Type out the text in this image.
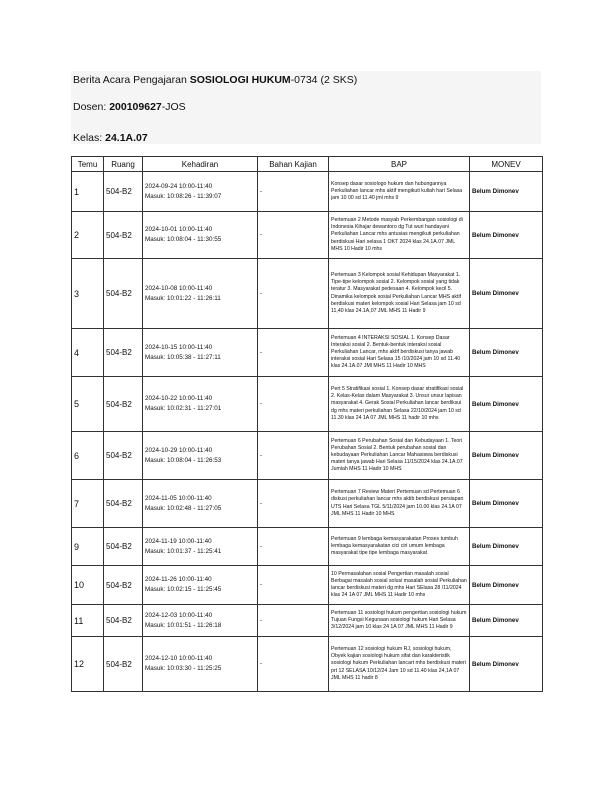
Berita Acara Pengajaran SOSIOLOGI HUKUM-0734 (2 SKS)
Dosen: 200109627-JOS
Kelas: 24.1A.07
Temu	Ruang	Kehadiran	Bahan Kajian	BAP	MONEV
1	504-B2	2024-09-24 10:00-11:40
Masuk: 10:08:26 - 11:39:07	-	Konsep dasar sosiologo hukum dan hubungannya Perkuliahan lancar mhs aktif mengikuti kuliah hari Selasa jam 10 00 sd 11.40 jml mhs 9	Belum Dimonev
2	504-B2	2024-10-01 10:00-11:40
Masuk: 10:08:04 - 11:30:55	-	Pertemuan 2 Metode masyab Perkembangan sosiologi di Indonesia Kihajar dewantoro dg Tut wuri handayani Perkuliahan Lancar mhs antusias mengikuti perkuliahan berdiskusi Hari selasa 1 OKT 2024 klas 24.1A.07 JML MHS 10 Hadir 10 mhs	Belum Dimonev
3	504-B2	2024-10-08 10:00-11:40
Masuk: 10:01:22 - 11:26:11	-	Pertemuan 3 Kelompok sosial Kehidupan Masyarakat 1. Tipe-tipe kelompok sosial 2. Kelompok sosial yang tidak teratur 3. Masyarakat pedesaan 4. Kelompok kecil 5. Dinamika kelompok sosial Perkuliahan Lancar MHS aktif berdiskusi materi kelompok sosial Hari Selasa jam 10 sd 11,40 klas 24.1A,07 JML MHS 11 Hadir 9	Belum Dimonev
4	504-B2	2024-10-15 10:00-11:40
Masuk: 10:05:38 - 11:27:11	-	Pertemuan 4 INTERAKSI SOSIAL 1. Konsep Dasar Interaksi sosial 2. Bentuk-bentuk interaksi sosial Perkuliahan Lancar, mhs aktif berdiskusi tanya jawab interaksi sosial Hari Selasa 15 /10/2024 jam 10 sd 11.40 klas 24.1A.07 JMl MHS 11 Hadir 10 MHS	Belum Dimonev
5	504-B2	2024-10-22 10:00-11:40
Masuk: 10:02:31 - 11:27:01	-	Pert 5 Stratifikasi sosial 1. Konsep dasar stratifikasi sosial 2. Kelas-Kelas dalam Masyarakat 3. Unsur unsur lapisan masyarakat 4. Gerak Sosial Perkuliahan lancar berdiksui dg mhs materi perkuliahan Selasa 22/10/2024 jam 10 sd 11.30 klas 24 1A 07 JML MHS 11 hadir 10 mhs	Belum Dimonev
6	504-B2	2024-10-29 10:00-11:40
Masuk: 10:08:04 - 11:26:53	-	Pertemuan 6 Perubahan Sosial dan Kebudayaan 1. Teori Perubahan Sosial 2. Bentuk perubahan sosial dan kebudayaan Perkuliahan Lancar Mahasiswa berdiskusi materi tanya jawab Hari Selasa 11/15/2024 klas 24.1A.07 Jumlah MHS 11 Hadir 10 MHS	Belum Dimonev
7	504-B2	2024-11-05 10:00-11:40
Masuk: 10:02:48 - 11:27:05	-	Pertemuan 7 Review Materi Pertemuan sd Pertemuan 6 diskusi perkuliahan lancar mhs aktib berdiskusi persiapan UTS Hari Selasa TGL 5/11/2024 jam 10.00 klas 24.1A 07 JML MHS 11 Hadir 10 MHS	Belum Dimonev
9	504-B2	2024-11-19 10:00-11:40
Masuk: 10:01:37 - 11:25:41	-	Pertemuan 9 lembaga kemasyarakatan Proses tumbuh lembaga kemasyarakatan cici ciri umum lembaga masyarakat tipe tipe lembaga masyarakat	Belum Dimonev
10	504-B2	2024-11-26 10:00-11:40
Masuk: 10:02:15 - 11:25:45	-	10 Permasalahan sosial Pengertian masalah sosial Berbagai masalah sosial solusi masalah sosial Perkuliahan lancar berdiskusi materi dg mhs Hari SElasa 28 /11/2024 klas 24 1A 07 JML MHS 11 Hadir 10 mhs	Belum Dimonev
11	504-B2	2024-12-03 10:00-11:40
Masuk: 10:01:51 - 11:26:18	-	Pertemuan 11 sosiologi hukum pengertian sosiologi hukum Tujuan Fungsi Kegunaan sosiologi hukum Hari Selasa 3/12/2024 jam 10 klas 24 1A 07 JML MHS 11 Hadir 9	Belum Dimonev
12	504-B2	2024-12-10 10:00-11:40
Masuk: 10:03:30 - 11:25:25	-	Pertemuan 12 sosiologi hukum RJ, sosiologi hukum, Obyek kajian sosiologi hukum sifat dan karakteristik sosiologi hukum Perkuliahan lancart mhs berdiskusi materi prt 12 SELASA 10/12/24 Jam 10 sd 11.40 klas 24,1A 07 JML MHS 11 hadir 8	Belum Dimonev
